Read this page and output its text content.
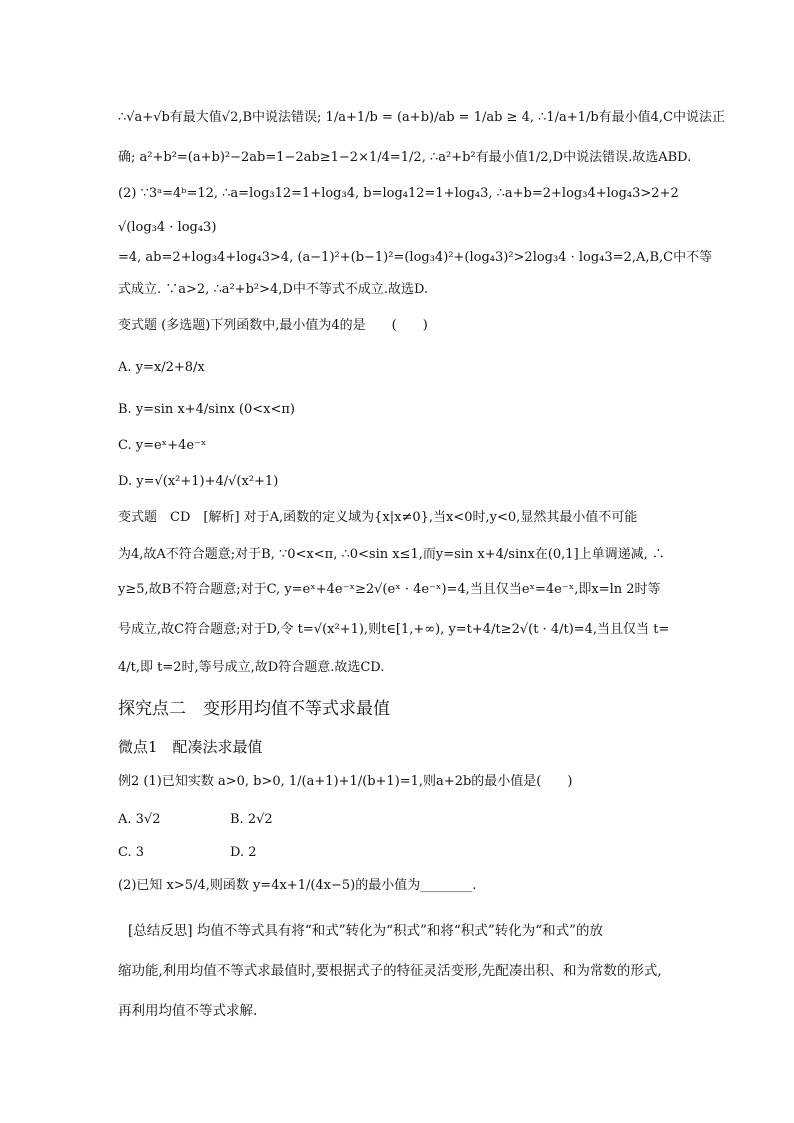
∴√a+√b有最大值√2,B中说法错误; 1/a+1/b = (a+b)/ab = 1/ab ≥ 4, ∴1/a+1/b有最小值4,C中说法正
确; a²+b²=(a+b)²−2ab=1−2ab≥1−2×1/4=1/2, ∴a²+b²有最小值1/2,D中说法错误.故选ABD.
(2) ∵3ᵃ=4ᵇ=12, ∴a=log₃12=1+log₃4, b=log₄12=1+log₄3, ∴a+b=2+log₃4+log₄3>2+2
√(log₃4 · log₄3)
=4, ab=2+log₃4+log₄3>4, (a−1)²+(b−1)²=(log₃4)²+(log₄3)²>2log₃4 · log₄3=2,A,B,C中不等
式成立. ∵a>2, ∴a²+b²>4,D中不等式不成立.故选D.
变式题 (多选题)下列函数中,最小值为4的是　　(　　)
A. y=x/2+8/x
B. y=sin x+4/sinx (0<x<π)
C. y=eˣ+4e⁻ˣ
D. y=√(x²+1)+4/√(x²+1)
变式题　CD　[解析] 对于A,函数的定义域为{x|x≠0},当x<0时,y<0,显然其最小值不可能
为4,故A不符合题意;对于B, ∵0<x<π, ∴0<sin x≤1,而y=sin x+4/sinx在(0,1]上单调递减, ∴
y≥5,故B不符合题意;对于C, y=eˣ+4e⁻ˣ≥2√(eˣ · 4e⁻ˣ)=4,当且仅当eˣ=4e⁻ˣ,即x=ln 2时等
号成立,故C符合题意;对于D,令 t=√(x²+1),则t∈[1,+∞), y=t+4/t≥2√(t · 4/t)=4,当且仅当 t=
4/t,即 t=2时,等号成立,故D符合题意.故选CD.
探究点二　变形用均值不等式求最值
微点1　配凑法求最值
例2 (1)已知实数 a>0, b>0, 1/(a+1)+1/(b+1)=1,则a+2b的最小值是(　　)
A. 3√2	B. 2√2
C. 3	D. 2
(2)已知 x>5/4,则函数 y=4x+1/(4x−5)的最小值为________.
[总结反思] 均值不等式具有将“和式”转化为“积式”和将“积式”转化为“和式”的放
缩功能,利用均值不等式求最值时,要根据式子的特征灵活变形,先配凑出积、和为常数的形式,
再利用均值不等式求解.
